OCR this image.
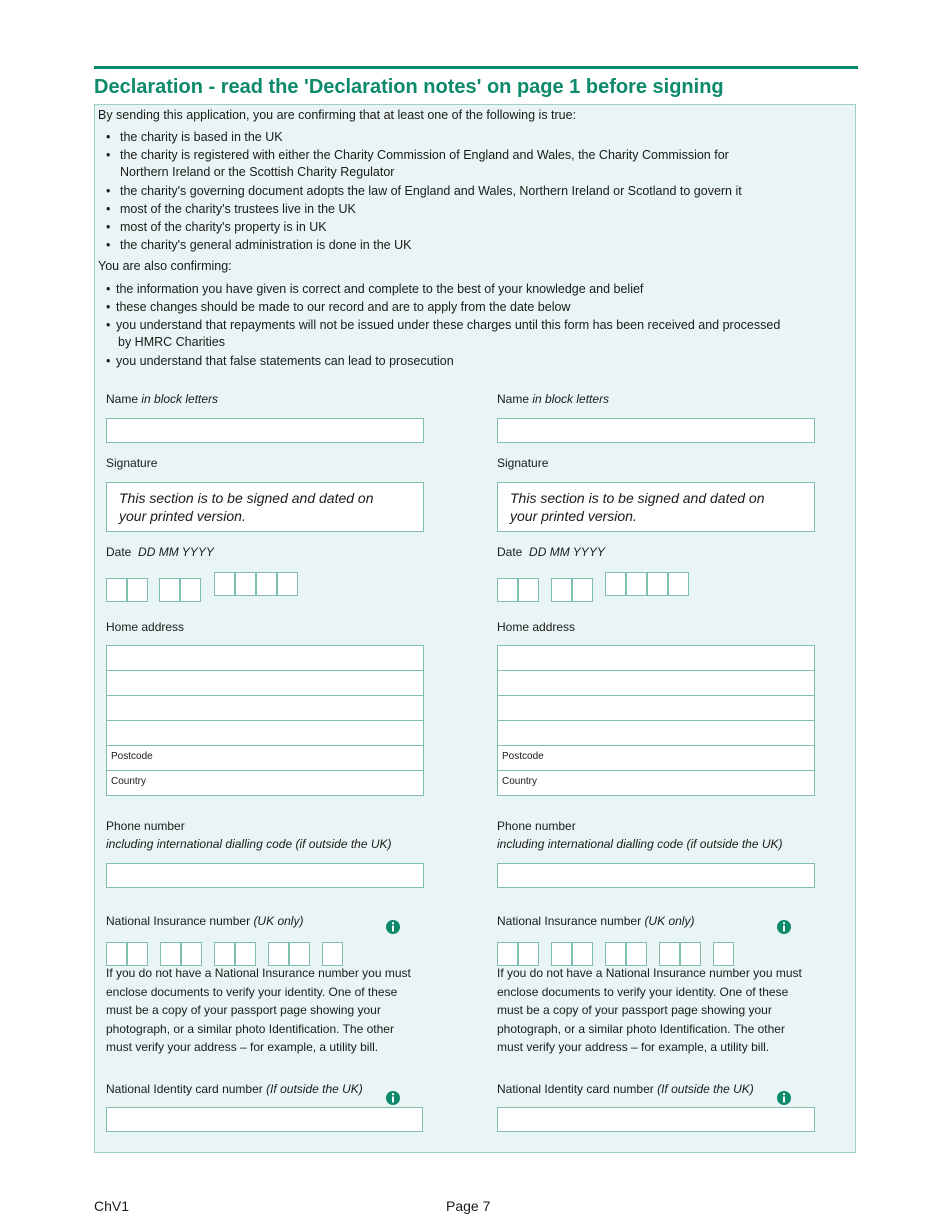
Declaration - read the 'Declaration notes' on page 1 before signing
By sending this application, you are confirming that at least one of the following is true:
• the charity is based in the UK
• the charity is registered with either the Charity Commission of England and Wales, the Charity Commission for
Northern Ireland or the Scottish Charity Regulator
• the charity's governing document adopts the law of England and Wales, Northern Ireland or Scotland to govern it
• most of the charity's trustees live in the UK
• most of the charity's property is in UK
• the charity's general administration is done in the UK
You are also confirming:
• the information you have given is correct and complete to the best of your knowledge and belief
• these changes should be made to our record and are to apply from the date below
• you understand that repayments will not be issued under these charges until this form has been received and processed
by HMRC Charities
• you understand that false statements can lead to prosecution
Name in block letters
Signature
This section is to be signed and dated on
your printed version.
Date DD MM YYYY
Home address
Postcode
Country
Phone number
including international dialling code (if outside the UK)
National Insurance number (UK only)
If you do not have a National Insurance number you must
enclose documents to verify your identity. One of these
must be a copy of your passport page showing your
photograph, or a similar photo Identification. The other
must verify your address – for example, a utility bill.
National Identity card number (If outside the UK)
Name in block letters
Signature
This section is to be signed and dated on
your printed version.
Date DD MM YYYY
Home address
Postcode
Country
Phone number
including international dialling code (if outside the UK)
National Insurance number (UK only)
If you do not have a National Insurance number you must
enclose documents to verify your identity. One of these
must be a copy of your passport page showing your
photograph, or a similar photo Identification. The other
must verify your address – for example, a utility bill.
National Identity card number (If outside the UK)
ChV1	Page 7
